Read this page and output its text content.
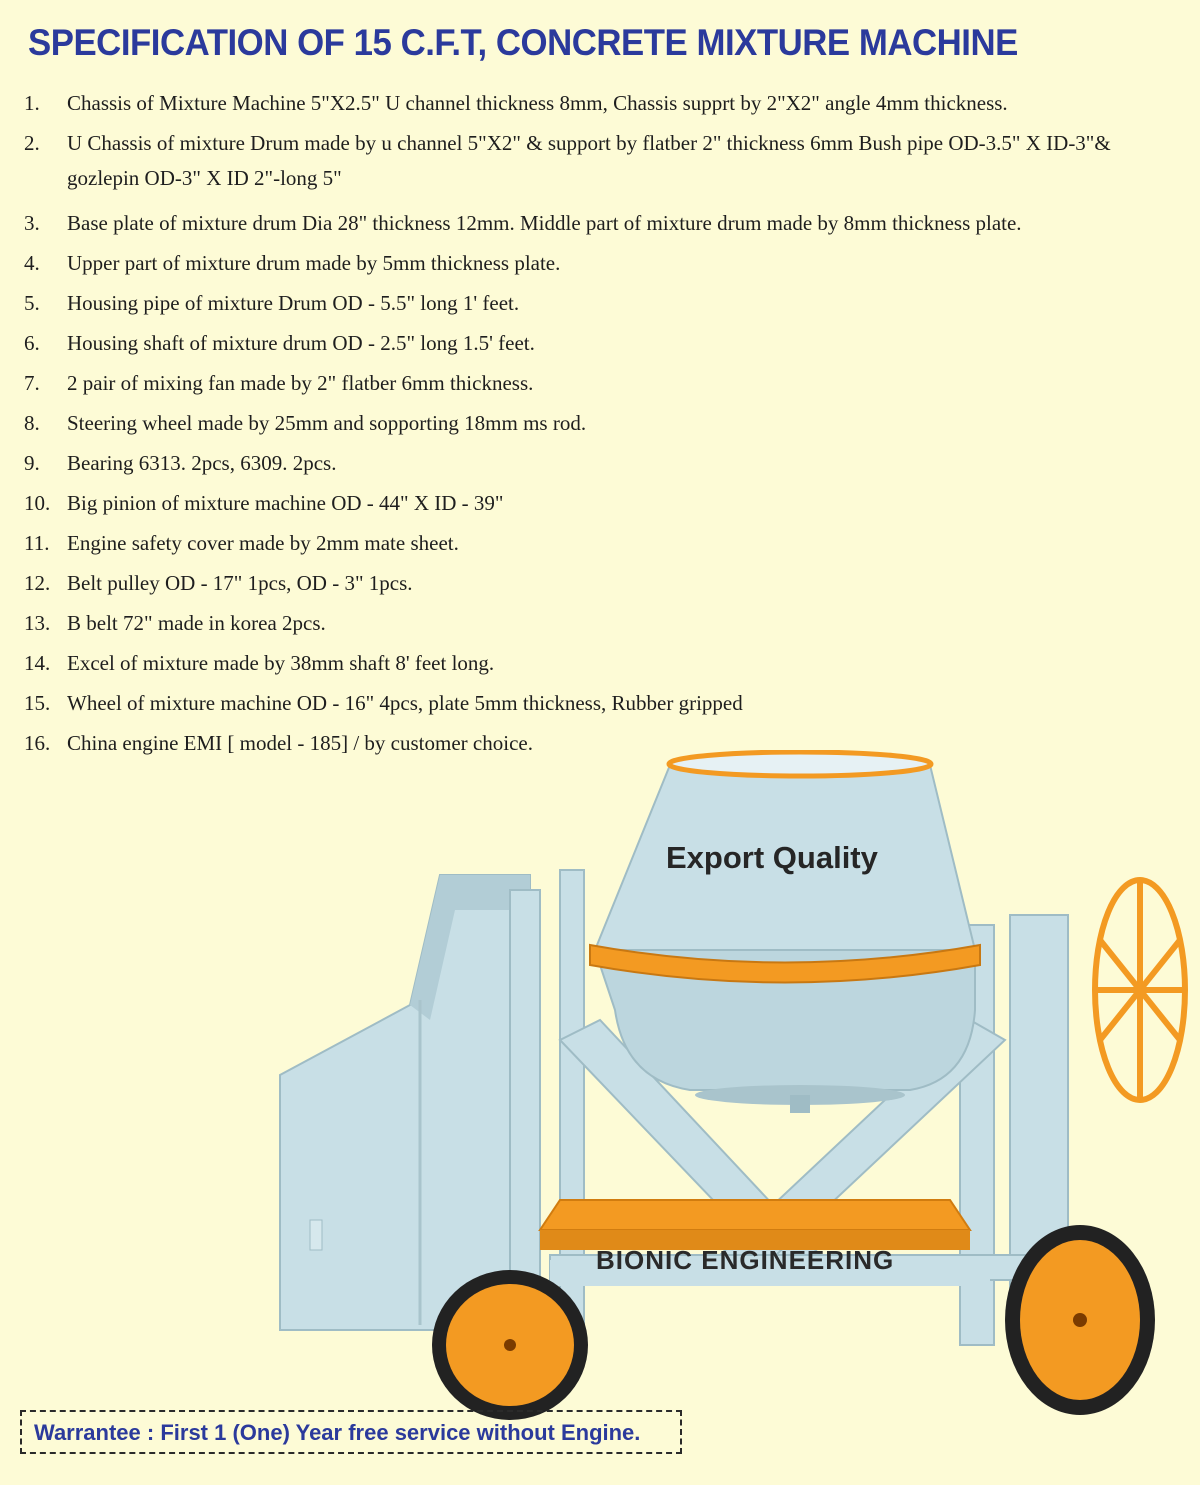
SPECIFICATION OF 15 C.F.T, CONCRETE MIXTURE MACHINE
1.	Chassis of Mixture Machine 5"X2.5" U channel thickness 8mm, Chassis supprt by 2"X2" angle 4mm thickness.
2.	U Chassis of mixture Drum made by u channel 5"X2" & support by flatber 2" thickness 6mm Bush pipe OD-3.5" X ID-3"& gozlepin OD-3" X ID 2"-long 5"
3.	Base plate of mixture drum Dia 28" thickness 12mm. Middle part of mixture drum made by 8mm thickness plate.
4.	Upper part of mixture drum made by 5mm thickness plate.
5.	Housing pipe of mixture Drum OD - 5.5" long 1' feet.
6.	Housing shaft of mixture drum OD - 2.5" long 1.5' feet.
7.	2 pair of mixing fan made by 2" flatber 6mm thickness.
8.	Steering wheel made by 25mm and sopporting 18mm ms rod.
9.	Bearing 6313. 2pcs, 6309. 2pcs.
10. Big pinion of mixture machine OD - 44" X ID - 39"
11. Engine safety cover made by 2mm mate sheet.
12. Belt pulley OD - 17" 1pcs, OD - 3" 1pcs.
13. B belt 72" made in korea 2pcs.
14. Excel of mixture made by 38mm shaft 8' feet long.
15. Wheel of mixture machine OD - 16" 4pcs, plate 5mm thickness, Rubber gripped
16. China engine EMI [ model - 185] / by customer choice.
Export Quality
BIONIC ENGINEERING
Warrantee : First 1 (One) Year free service without Engine.
